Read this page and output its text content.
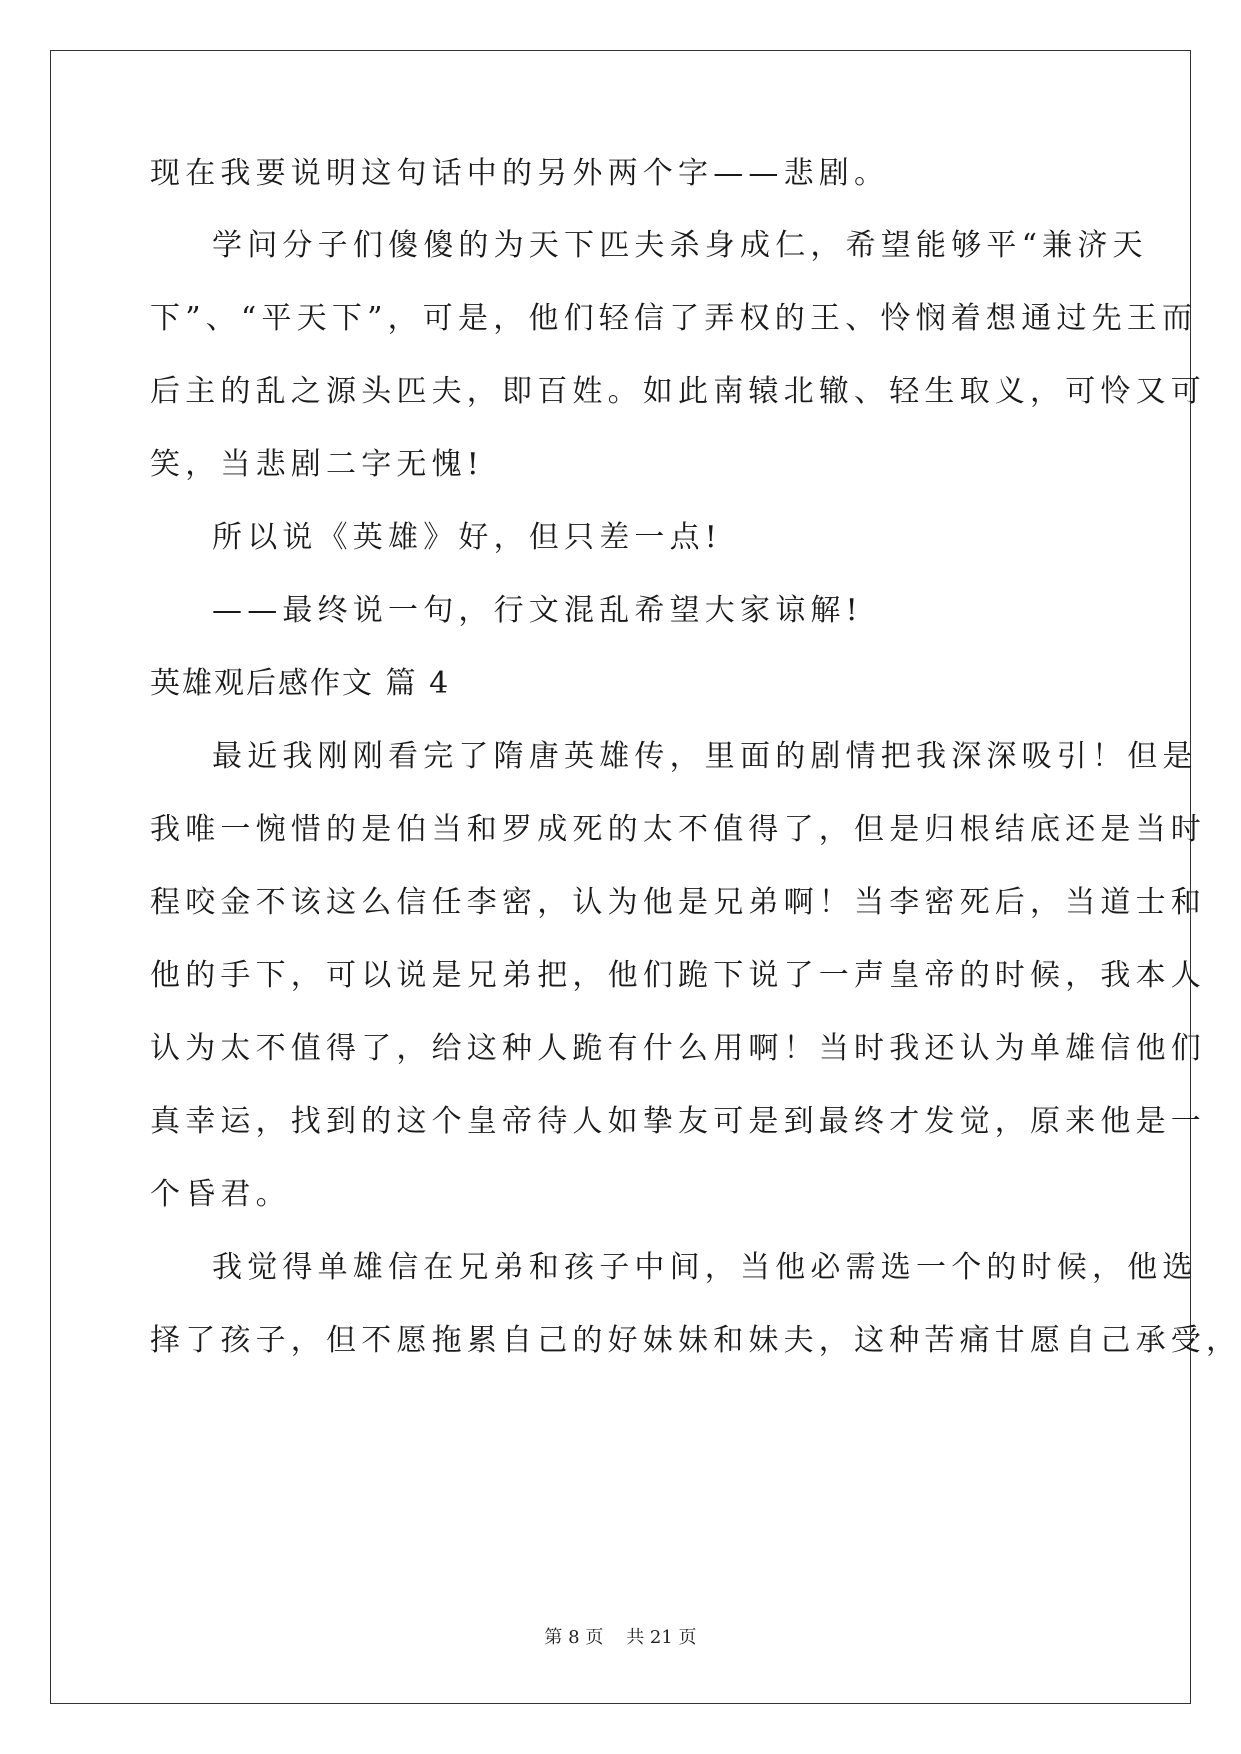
现在我要说明这句话中的另外两个字——悲剧。
学问分子们傻傻的为天下匹夫杀身成仁，希望能够平“兼济天
下”、“平天下”，可是，他们轻信了弄权的王、怜悯着想通过先王而
后主的乱之源头匹夫，即百姓。如此南辕北辙、轻生取义，可怜又可
笑，当悲剧二字无愧!
所以说《英雄》好，但只差一点!
——最终说一句，行文混乱希望大家谅解!
英雄观后感作文 篇 4
最近我刚刚看完了隋唐英雄传，里面的剧情把我深深吸引！但是
我唯一惋惜的是伯当和罗成死的太不值得了，但是归根结底还是当时
程咬金不该这么信任李密，认为他是兄弟啊！当李密死后，当道士和
他的手下，可以说是兄弟把，他们跪下说了一声皇帝的时候，我本人
认为太不值得了，给这种人跪有什么用啊！当时我还认为单雄信他们
真幸运，找到的这个皇帝待人如挚友可是到最终才发觉，原来他是一
个昏君。
我觉得单雄信在兄弟和孩子中间，当他必需选一个的时候，他选
择了孩子，但不愿拖累自己的好妹妹和妹夫，这种苦痛甘愿自己承受，
第 8 页    共 21 页
